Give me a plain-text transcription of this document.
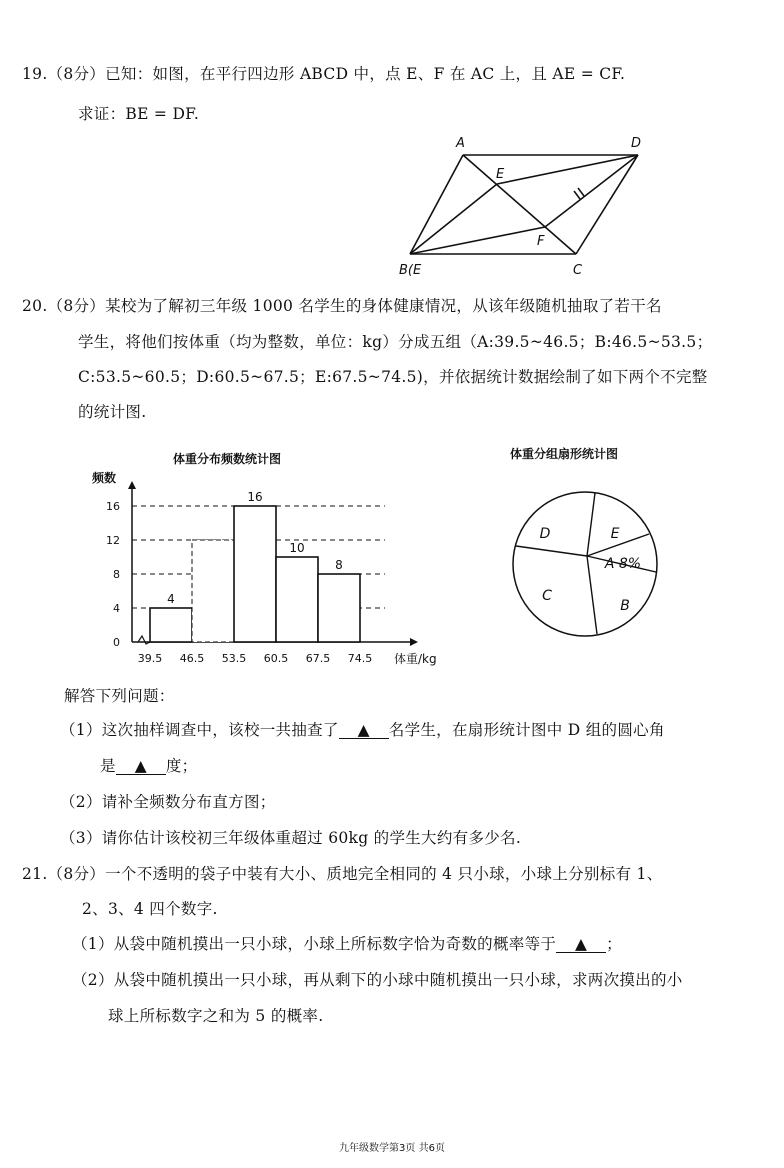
19.（8分）已知：如图，在平行四边形 ABCD 中，点 E、F 在 AC 上，且 AE = CF.
求证：BE = DF.
A	D
E
F
C
B(E
20.（8分）某校为了解初三年级 1000 名学生的身体健康情况，从该年级随机抽取了若干名
学生，将他们按体重（均为整数，单位：kg）分成五组（A:39.5~46.5；B:46.5~53.5；
C:53.5~60.5；D:60.5~67.5；E:67.5~74.5)，并依据统计数据绘制了如下两个不完整
的统计图.
体重分布频数统计图
频数
体重/kg
0
4
8
12
16
39.5 46.5 53.5 60.5 67.5 74.5
4
16
10
8
体重分组扇形统计图
D	E
A 8%
B
C
解答下列问题：
（1）这次抽样调查中，该校一共抽查了 ▲ 名学生，在扇形统计图中 D 组的圆心角
是 ▲ 度；
（2）请补全频数分布直方图；
（3）请你估计该校初三年级体重超过 60kg 的学生大约有多少名.
21.（8分）一个不透明的袋子中装有大小、质地完全相同的 4 只小球，小球上分别标有 1、
2、3、4 四个数字.
（1）从袋中随机摸出一只小球，小球上所标数字恰为奇数的概率等于 ▲ ；
（2）从袋中随机摸出一只小球，再从剩下的小球中随机摸出一只小球，求两次摸出的小
球上所标数字之和为 5 的概率.
九年级数学第3页 共6页
